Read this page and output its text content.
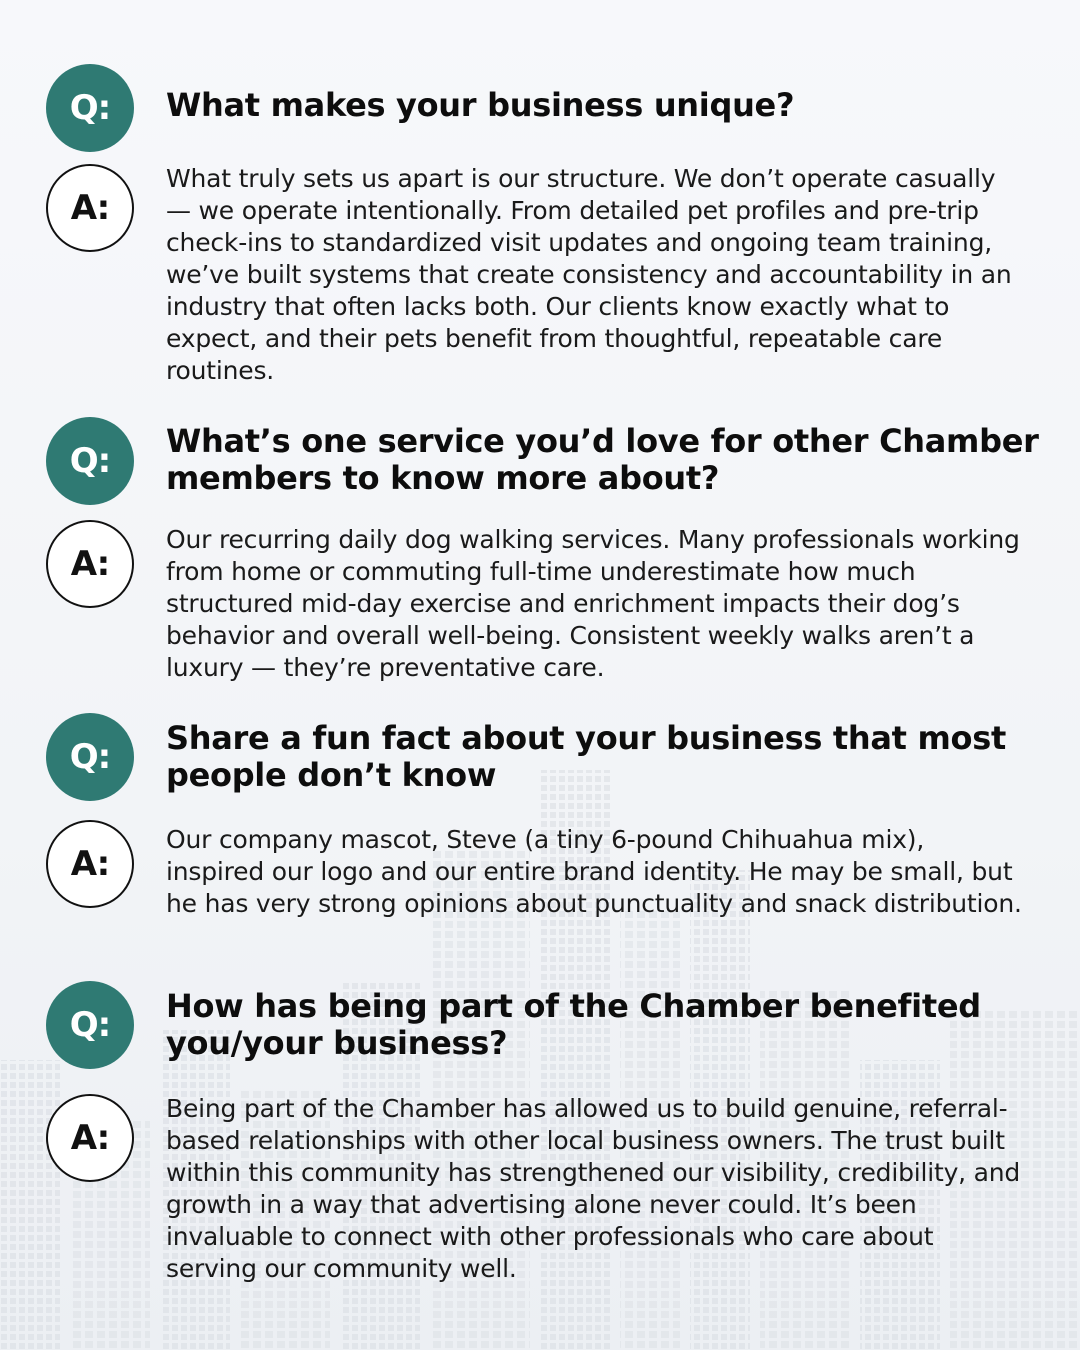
Q:	What makes your business unique?
A:

What truly sets us apart is our structure. We don’t operate casually — we operate intentionally. From detailed pet profiles and pre-trip check-ins to standardized visit updates and ongoing team training, we’ve built systems that create consistency and accountability in an industry that often lacks both. Our clients know exactly what to expect, and their pets benefit from thoughtful, repeatable care routines.

Q:	What’s one service you’d love for other Chamber members to know more about?
A:

Our recurring daily dog walking services. Many professionals working from home or commuting full-time underestimate how much structured mid-day exercise and enrichment impacts their dog’s behavior and overall well-being. Consistent weekly walks aren’t a luxury — they’re preventative care.

Q:	Share a fun fact about your business that most people don’t know
A:

Our company mascot, Steve (a tiny 6-pound Chihuahua mix), inspired our logo and our entire brand identity. He may be small, but he has very strong opinions about punctuality and snack distribution.

Q:	How has being part of the Chamber benefited you/your business?
A:

Being part of the Chamber has allowed us to build genuine, referral-based relationships with other local business owners. The trust built within this community has strengthened our visibility, credibility, and growth in a way that advertising alone never could. It’s been invaluable to connect with other professionals who care about serving our community well.
